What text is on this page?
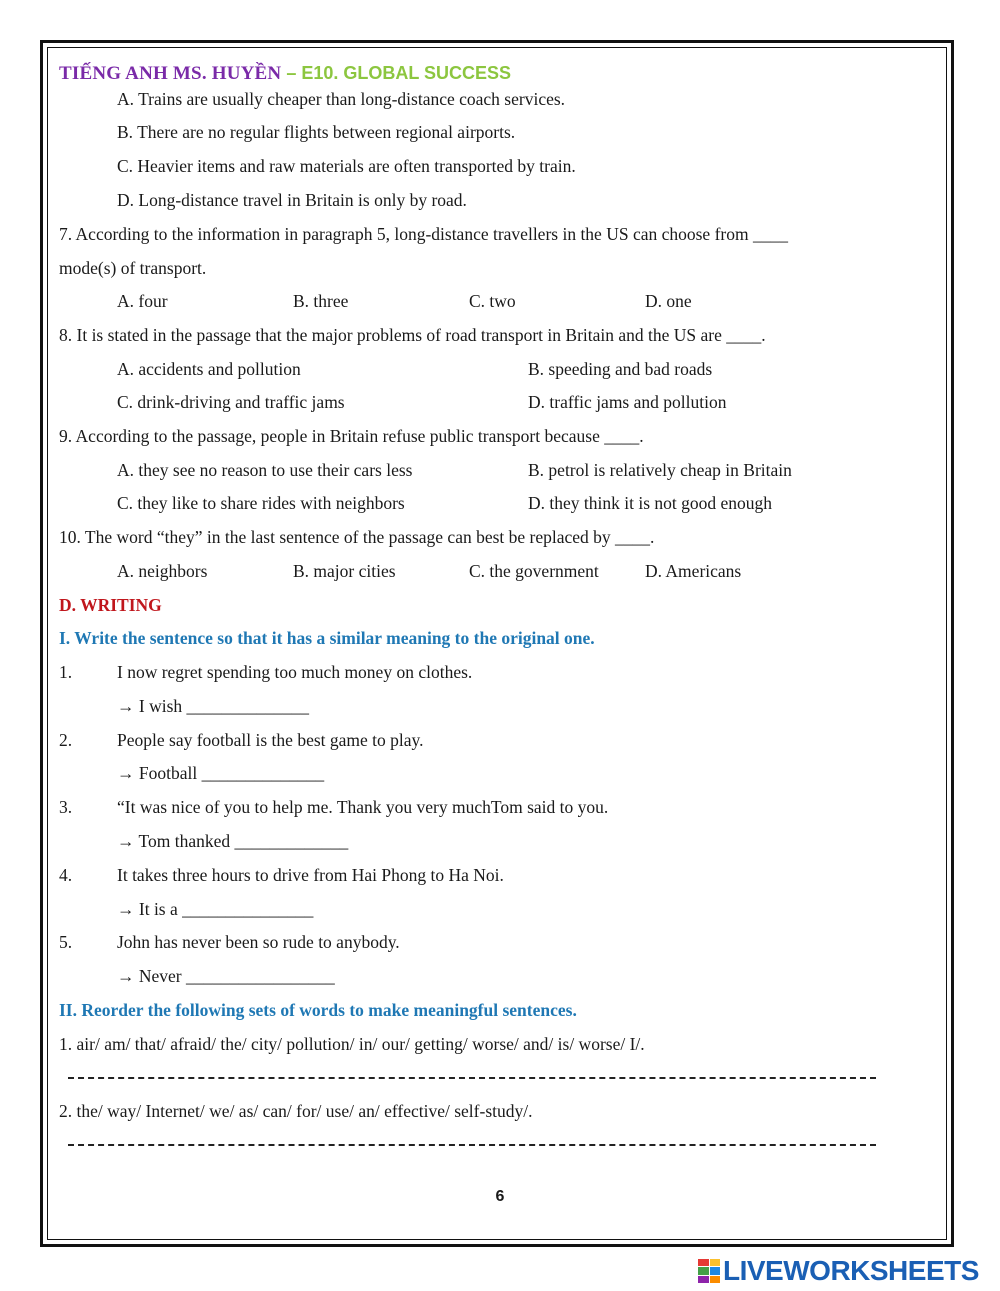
TIẾNG ANH MS. HUYỀN – E10. GLOBAL SUCCESS
A. Trains are usually cheaper than long-distance coach services.
B. There are no regular flights between regional airports.
C. Heavier items and raw materials are often transported by train.
D. Long-distance travel in Britain is only by road.
7. According to the information in paragraph 5, long-distance travellers in the US can choose from ____
mode(s) of transport.
A. four	B. three	C. two	D. one
8. It is stated in the passage that the major problems of road transport in Britain and the US are ____.
A. accidents and pollution	B. speeding and bad roads
C. drink-driving and traffic jams	D. traffic jams and pollution
9. According to the passage, people in Britain refuse public transport because ____.
A. they see no reason to use their cars less	B. petrol is relatively cheap in Britain
C. they like to share rides with neighbors	D. they think it is not good enough
10. The word “they” in the last sentence of the passage can best be replaced by ____.
A. neighbors	B. major cities	C. the government	D. Americans
D. WRITING
I. Write the sentence so that it has a similar meaning to the original one.
1.	I now regret spending too much money on clothes.
→ I wish ______________
2.	People say football is the best game to play.
→ Football ______________
3.	“It was nice of you to help me. Thank you very muchTom said to you.
→ Tom thanked _____________
4.	It takes three hours to drive from Hai Phong to Ha Noi.
→ It is a _______________
5.	John has never been so rude to anybody.
→ Never _________________
II. Reorder the following sets of words to make meaningful sentences.
1. air/ am/ that/ afraid/ the/ city/ pollution/ in/ our/ getting/ worse/ and/ is/ worse/ I/.
2. the/ way/ Internet/ we/ as/ can/ for/ use/ an/ effective/ self-study/.
6
LIVEWORKSHEETS
